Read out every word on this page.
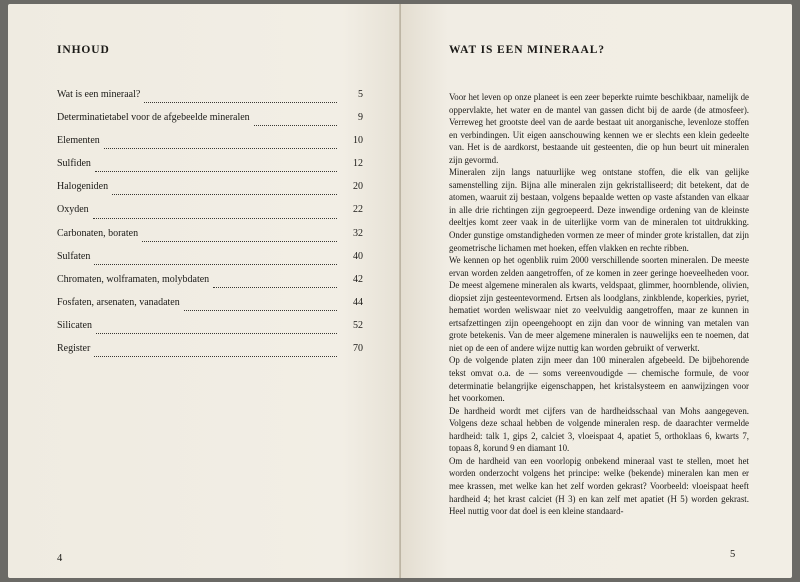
INHOUD
Wat is een mineraal?	5
Determinatietabel voor de afgebeelde mineralen	9
Elementen	10
Sulfiden	12
Halogeniden	20
Oxyden	22
Carbonaten, boraten	32
Sulfaten	40
Chromaten, wolframaten, molybdaten	42
Fosfaten, arsenaten, vanadaten	44
Silicaten	52
Register	70
4
WAT IS EEN MINERAAL?

Voor het leven op onze planeet is een zeer beperkte ruimte beschikbaar, namelijk de oppervlakte, het water en de mantel van gassen dicht bij de aarde (de atmosfeer). Verreweg het grootste deel van de aarde bestaat uit anorganische, levenloze stoffen en verbindingen. Uit eigen aanschouwing kennen we er slechts een klein gedeelte van. Het is de aardkorst, bestaande uit gesteenten, die op hun beurt uit mineralen zijn gevormd.

Mineralen zijn langs natuurlijke weg ontstane stoffen, die elk van gelijke samenstelling zijn. Bijna alle mineralen zijn gekristalliseerd; dit betekent, dat de atomen, waaruit zij bestaan, volgens bepaalde wetten op vaste afstanden van elkaar in alle drie richtingen zijn gegroepeerd. Deze inwendige ordening van de kleinste deeltjes komt zeer vaak in de uiterlijke vorm van de mineralen tot uitdrukking. Onder gunstige omstandigheden vormen ze meer of minder grote kristallen, dat zijn geometrische lichamen met hoeken, effen vlakken en rechte ribben.

We kennen op het ogenblik ruim 2000 verschillende soorten mineralen. De meeste ervan worden zelden aangetroffen, of ze komen in zeer geringe hoeveelheden voor. De meest algemene mineralen als kwarts, veldspaat, glimmer, hoornblende, olivien, diopsiet zijn gesteentevormend. Ertsen als loodglans, zinkblende, koperkies, pyriet, hematiet worden weliswaar niet zo veelvuldig aangetroffen, maar ze kunnen in ertsafzettingen zijn opeengehoopt en zijn dan voor de winning van metalen van grote betekenis. Van de meer algemene mineralen is nauwelijks een te noemen, dat niet op de een of andere wijze nuttig kan worden gebruikt of verwerkt.

Op de volgende platen zijn meer dan 100 mineralen afgebeeld. De bijbehorende tekst omvat o.a. de — soms vereenvoudigde — chemische formule, de voor determinatie belangrijke eigenschappen, het kristalsysteem en aanwijzingen voor het voorkomen.

De hardheid wordt met cijfers van de hardheidsschaal van Mohs aangegeven. Volgens deze schaal hebben de volgende mineralen resp. de daarachter vermelde hardheid: talk 1, gips 2, calciet 3, vloeispaat 4, apatiet 5, orthoklaas 6, kwarts 7, topaas 8, korund 9 en diamant 10.

Om de hardheid van een voorlopig onbekend mineraal vast te stellen, moet het worden onderzocht volgens het principe: welke (bekende) mineralen kan men er mee krassen, met welke kan het zelf worden gekrast? Voorbeeld: vloeispaat heeft hardheid 4; het krast calciet (H 3) en kan zelf met apatiet (H 5) worden gekrast. Heel nuttig voor dat doel is een kleine standaard-

5
